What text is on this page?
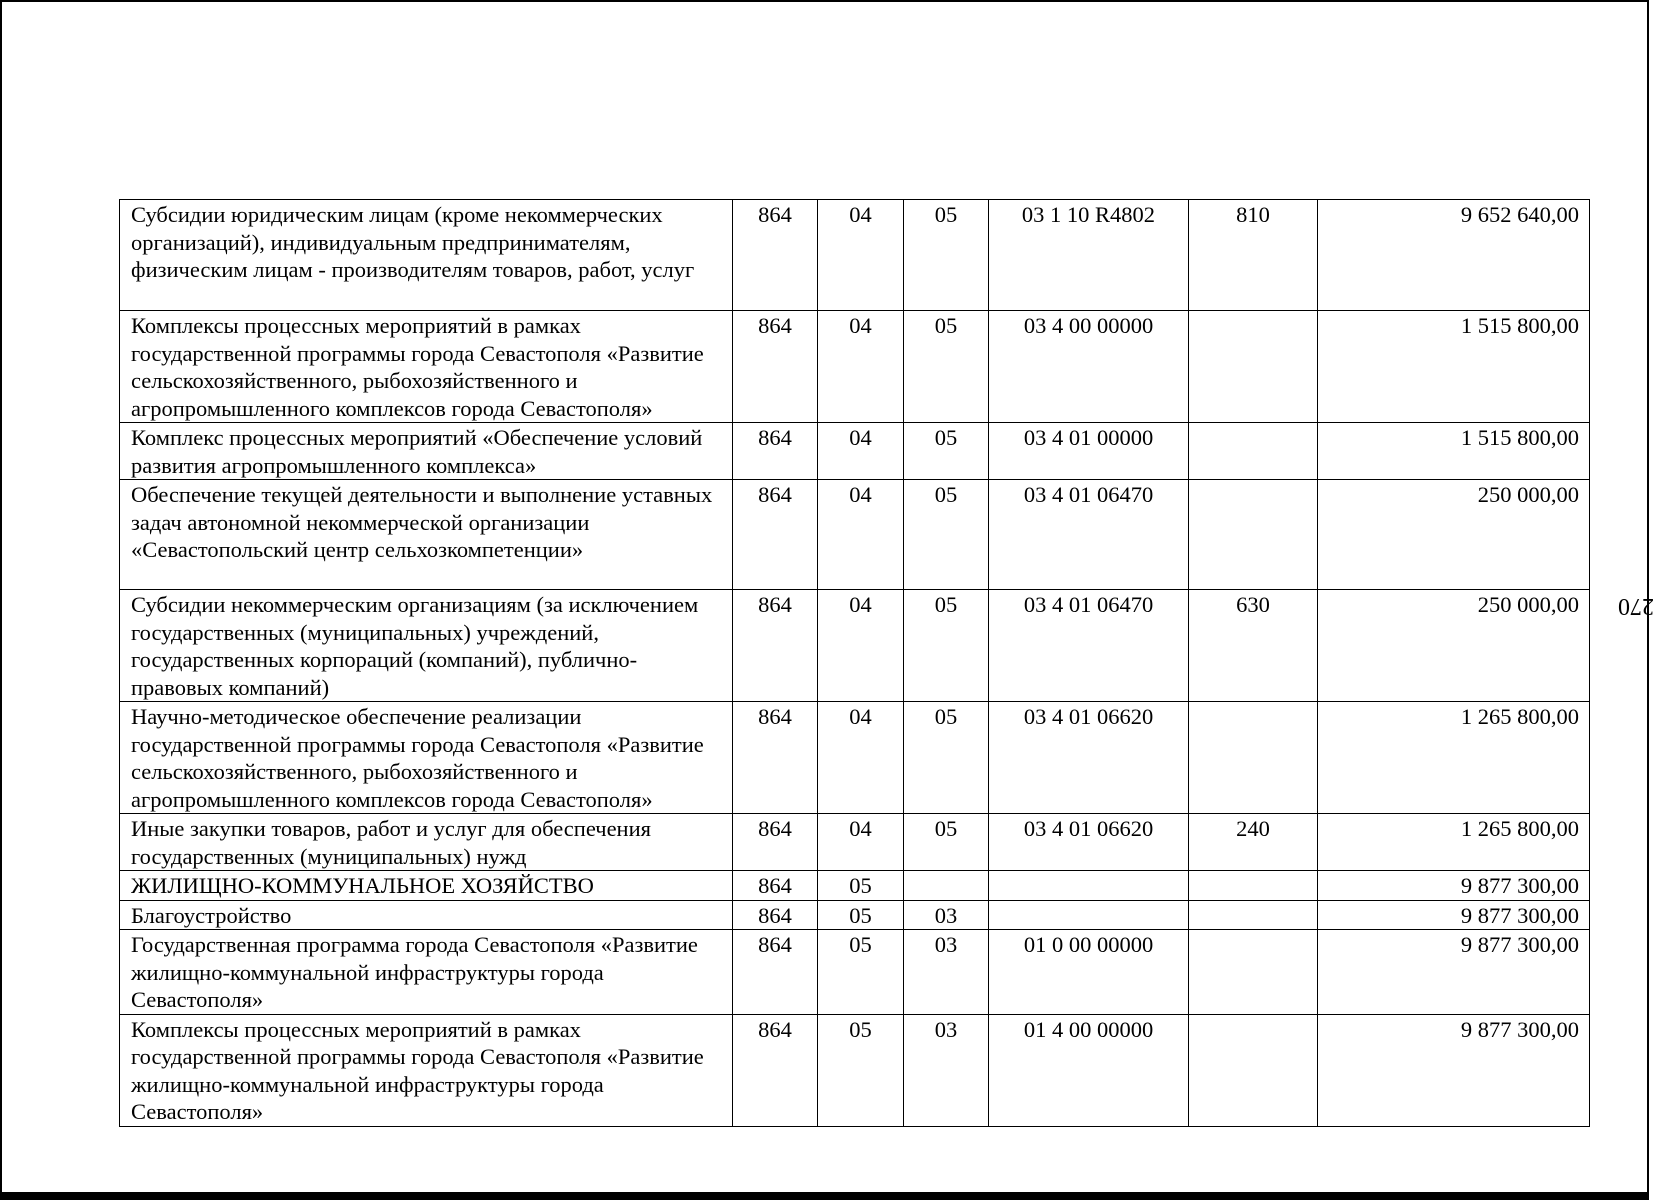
Субсидии юридическим лицам (кроме некоммерческих организаций), индивидуальным предпринимателям, физическим лицам - производителям товаров, работ, услуг	864	04	05	03 1 10 R4802	810	9 652 640,00
Комплексы процессных мероприятий в рамках государственной программы города Севастополя «Развитие сельскохозяйственного, рыбохозяйственного и агропромышленного комплексов города Севастополя»	864	04	05	03 4 00 00000		1 515 800,00
Комплекс процессных мероприятий «Обеспечение условий развития агропромышленного комплекса»	864	04	05	03 4 01 00000		1 515 800,00
Обеспечение текущей деятельности и выполнение уставных задач автономной некоммерческой организации «Севастопольский центр сельхозкомпетенции»	864	04	05	03 4 01 06470		250 000,00
Субсидии некоммерческим организациям (за исключением государственных (муниципальных) учреждений, государственных корпораций (компаний), публично-правовых компаний)	864	04	05	03 4 01 06470	630	250 000,00
Научно-методическое обеспечение реализации государственной программы города Севастополя «Развитие сельскохозяйственного, рыбохозяйственного и агропромышленного комплексов города Севастополя»	864	04	05	03 4 01 06620		1 265 800,00
Иные закупки товаров, работ и услуг для обеспечения государственных (муниципальных) нужд	864	04	05	03 4 01 06620	240	1 265 800,00
ЖИЛИЩНО-КОММУНАЛЬНОЕ ХОЗЯЙСТВО	864	05				9 877 300,00
Благоустройство	864	05	03			9 877 300,00
Государственная программа города Севастополя «Развитие жилищно-коммунальной инфраструктуры города Севастополя»	864	05	03	01 0 00 00000		9 877 300,00
Комплексы процессных мероприятий в рамках государственной программы города Севастополя «Развитие жилищно-коммунальной инфраструктуры города Севастополя»	864	05	03	01 4 00 00000		9 877 300,00
270
